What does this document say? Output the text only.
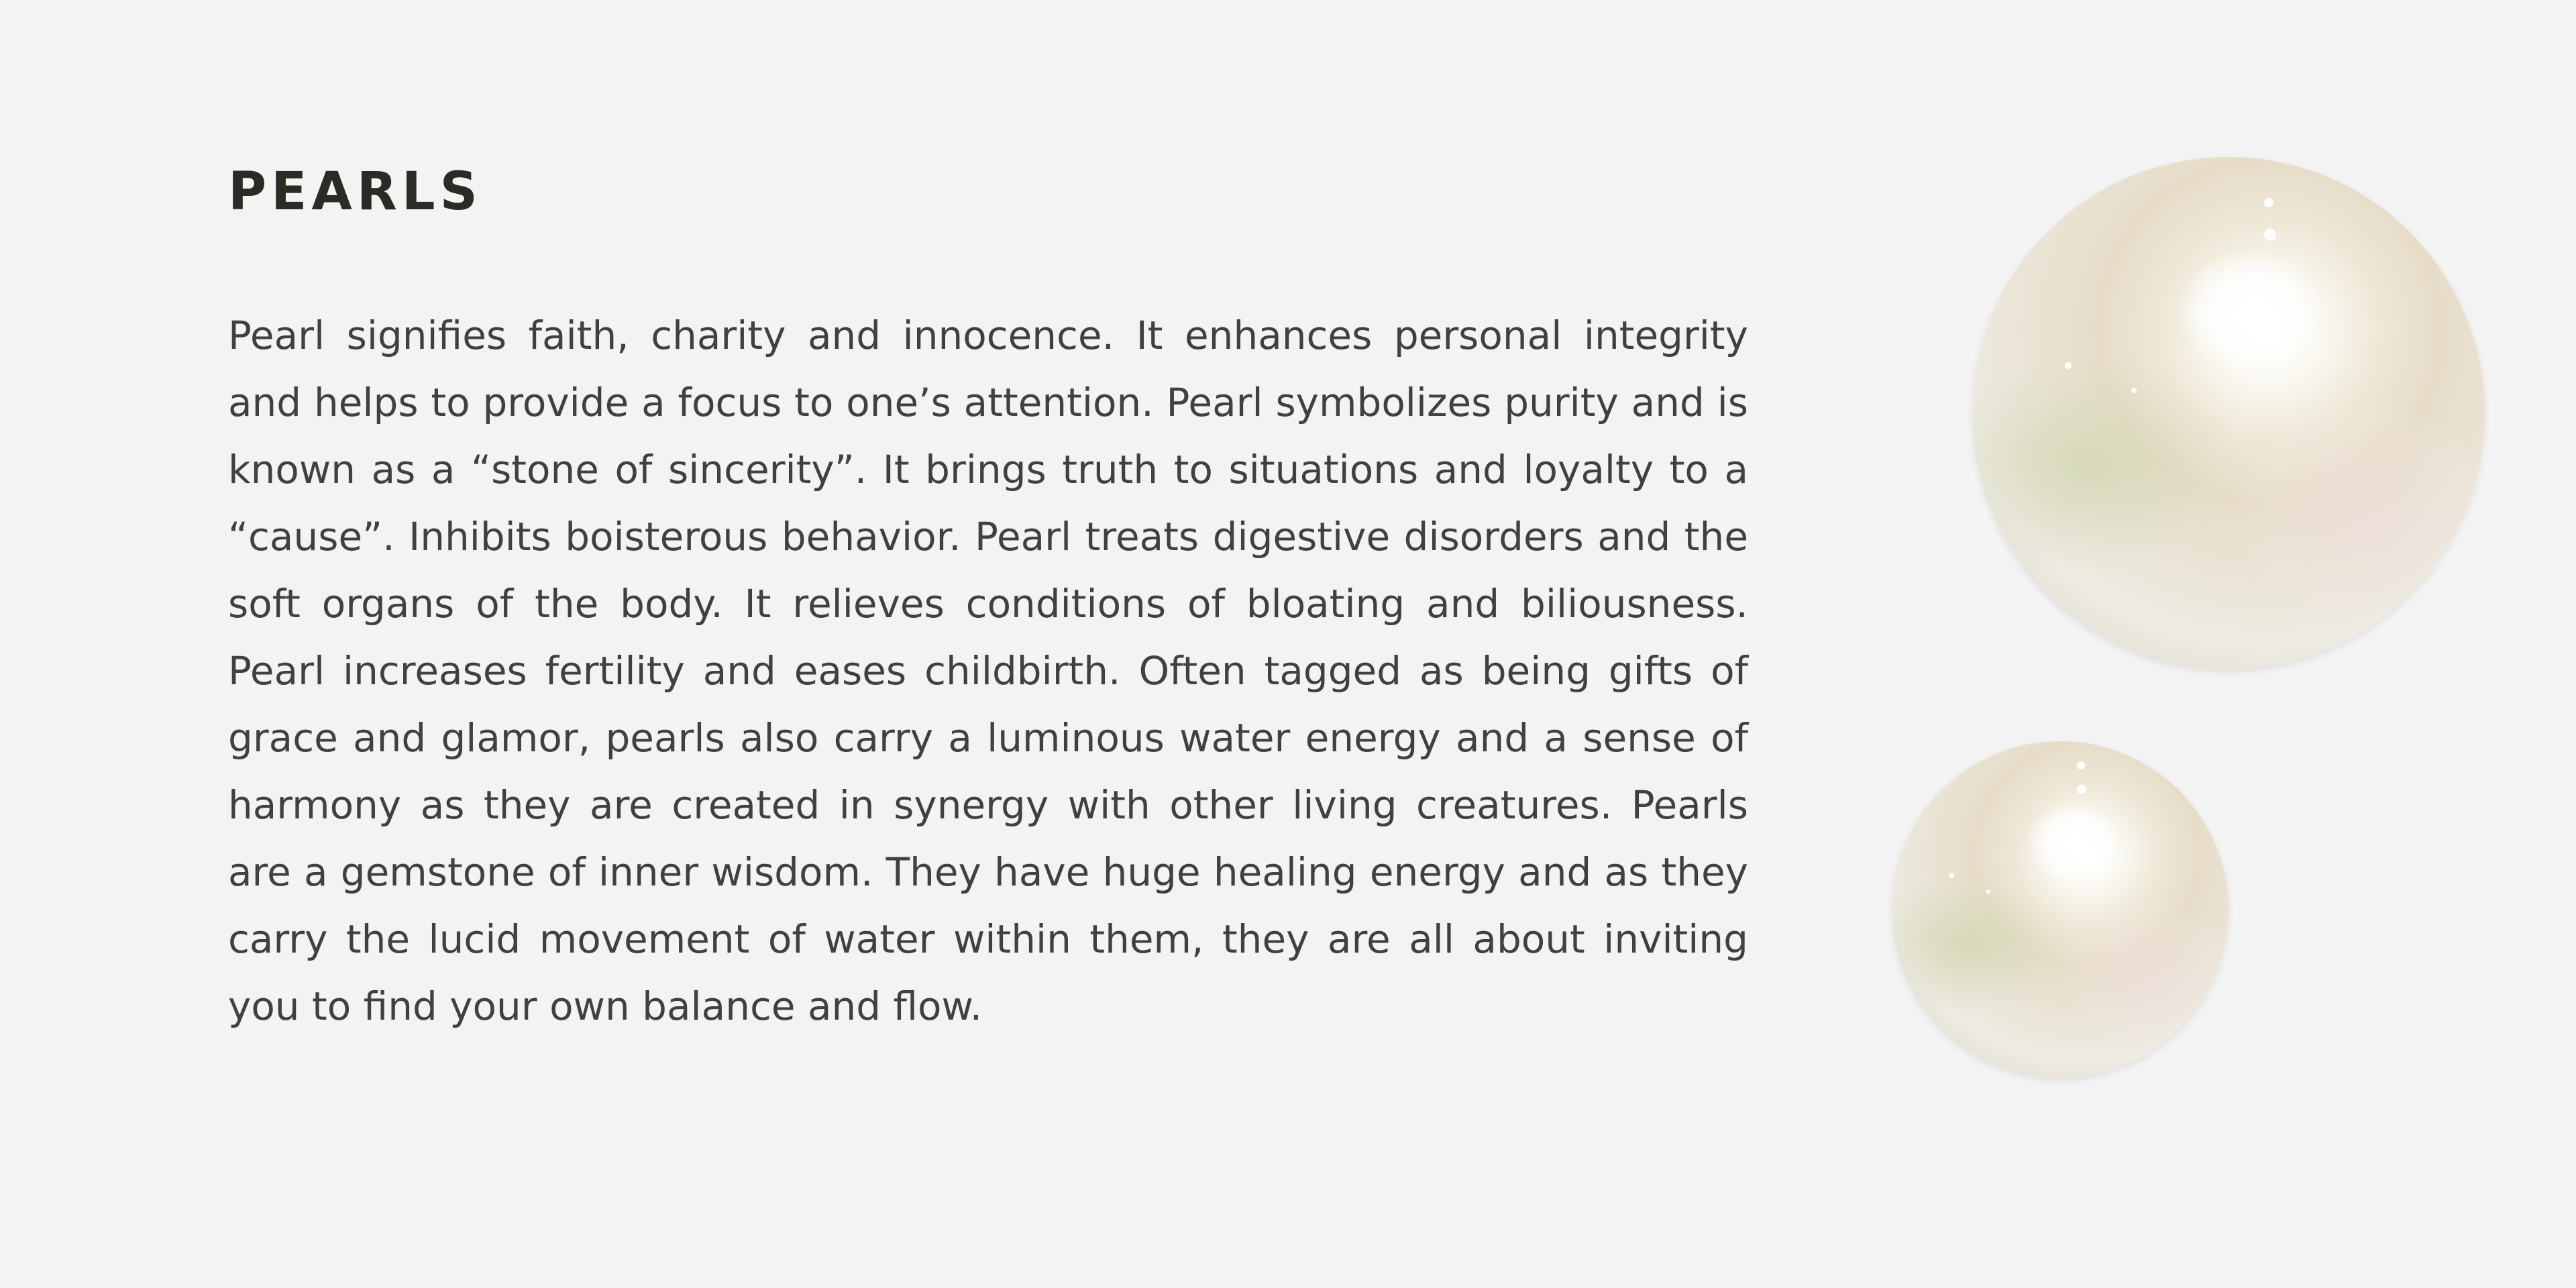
PEARLS

Pearl signifies faith, charity and innocence. It enhances personal integrity and helps to provide a focus to one’s attention. Pearl symbolizes purity and is known as a “stone of sincerity”. It brings truth to situations and loyalty to a “cause”. Inhibits boisterous behavior. Pearl treats digestive disorders and the soft organs of the body. It relieves conditions of bloating and biliousness. Pearl increases fertility and eases childbirth. Often tagged as being gifts of grace and glamor, pearls also carry a luminous water energy and a sense of harmony as they are created in synergy with other living creatures. Pearls are a gemstone of inner wisdom. They have huge healing energy and as they carry the lucid movement of water within them, they are all about inviting you to find your own balance and flow.
